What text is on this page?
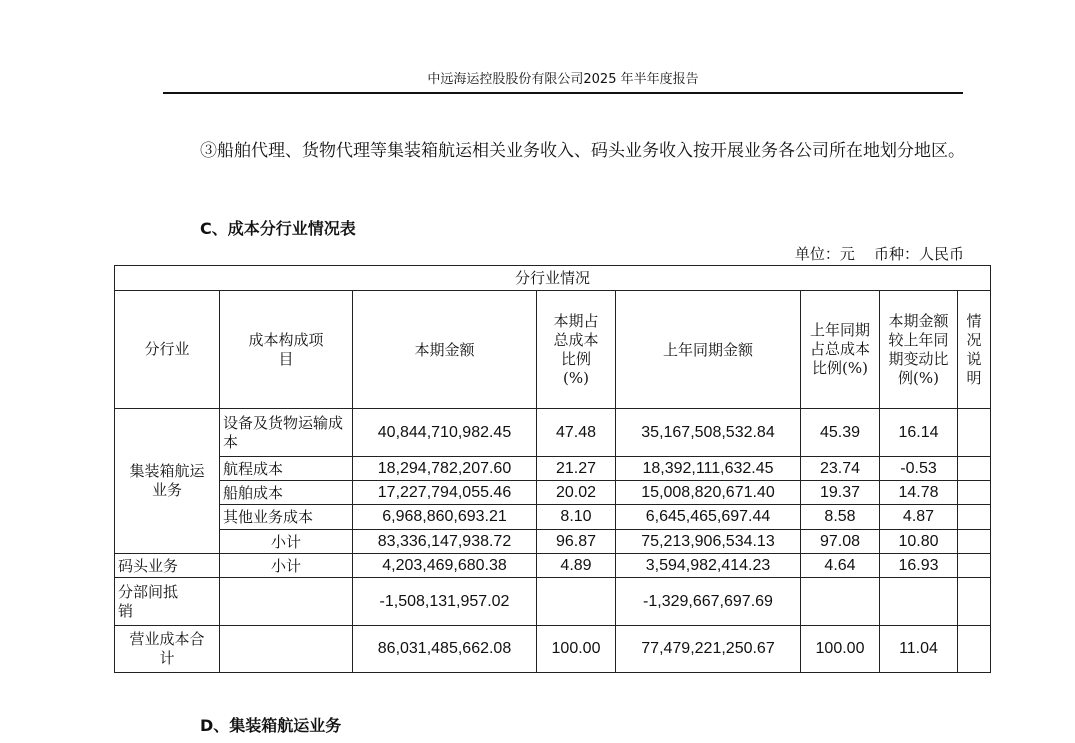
中远海运控股股份有限公司2025 年半年度报告
③船舶代理、货物代理等集装箱航运相关业务收入、码头业务收入按开展业务各公司所在地划分地区。
C、成本分行业情况表
单位：元    币种：人民币
分行业情况							
分行业	成本构成项目	本期金额	本期占总成本比例(%)	上年同期金额	上年同期占总成本比例(%)	本期金额较上年同期变动比例(%)	情况说明
集装箱航运业务	设备及货物运输成本	40,844,710,982.45	47.48	35,167,508,532.84	45.39	16.14	
	航程成本	18,294,782,207.60	21.27	18,392,111,632.45	23.74	-0.53	
	船舶成本	17,227,794,055.46	20.02	15,008,820,671.40	19.37	14.78	
	其他业务成本	6,968,860,693.21	8.10	6,645,465,697.44	8.58	4.87	
	小计	83,336,147,938.72	96.87	75,213,906,534.13	97.08	10.80	
码头业务	小计	4,203,469,680.38	4.89	3,594,982,414.23	4.64	16.93	
分部间抵销		-1,508,131,957.02		-1,329,667,697.69			
营业成本合计		86,031,485,662.08	100.00	77,479,221,250.67	100.00	11.04	
D、集装箱航运业务
